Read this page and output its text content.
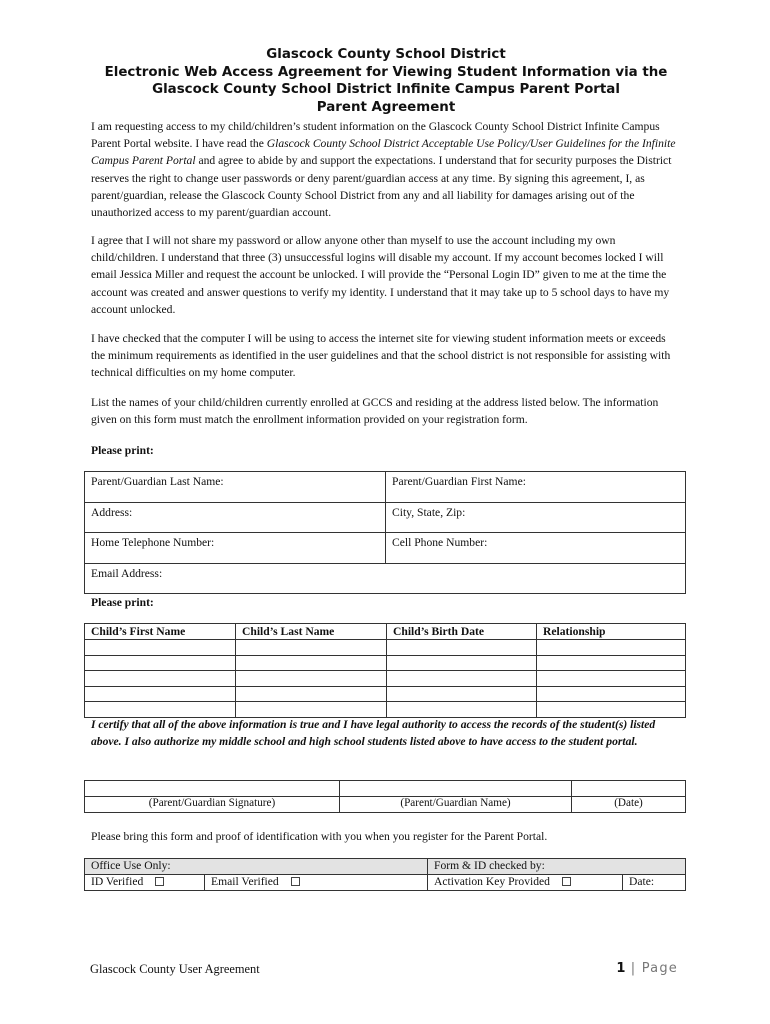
Glascock County School District
Electronic Web Access Agreement for Viewing Student Information via the
Glascock County School District Infinite Campus Parent Portal
Parent Agreement
I am requesting access to my child/children’s student information on the Glascock County School District Infinite Campus Parent Portal website. I have read the Glascock County School District Acceptable Use Policy/User Guidelines for the Infinite Campus Parent Portal and agree to abide by and support the expectations. I understand that for security purposes the District reserves the right to change user passwords or deny parent/guardian access at any time. By signing this agreement, I, as parent/guardian, release the Glascock County School District from any and all liability for damages arising out of the unauthorized access to my parent/guardian account.
I agree that I will not share my password or allow anyone other than myself to use the account including my own child/children. I understand that three (3) unsuccessful logins will disable my account. If my account becomes locked I will email Jessica Miller and request the account be unlocked. I will provide the “Personal Login ID” given to me at the time the account was created and answer questions to verify my identity. I understand that it may take up to 5 school days to have my account unlocked.
I have checked that the computer I will be using to access the internet site for viewing student information meets or exceeds the minimum requirements as identified in the user guidelines and that the school district is not responsible for assisting with technical difficulties on my home computer.
List the names of your child/children currently enrolled at GCCS and residing at the address listed below. The information given on this form must match the enrollment information provided on your registration form.
Please print:
Parent/Guardian Last Name:	Parent/Guardian First Name:
Address:	City, State, Zip:
Home Telephone Number:	Cell Phone Number:
Email Address:	
Please print:
Child’s First Name	Child’s Last Name	Child’s Birth Date	Relationship

I certify that all of the above information is true and I have legal authority to access the records of the student(s) listed above. I also authorize my middle school and high school students listed above to have access to the student portal.

(Parent/Guardian Signature)	(Parent/Guardian Name)	(Date)
Please bring this form and proof of identification with you when you register for the Parent Portal.
Office Use Only:		Form & ID checked by:	
ID Verified	Email Verified	Activation Key Provided	Date:
Glascock County User Agreement	1 | Page
